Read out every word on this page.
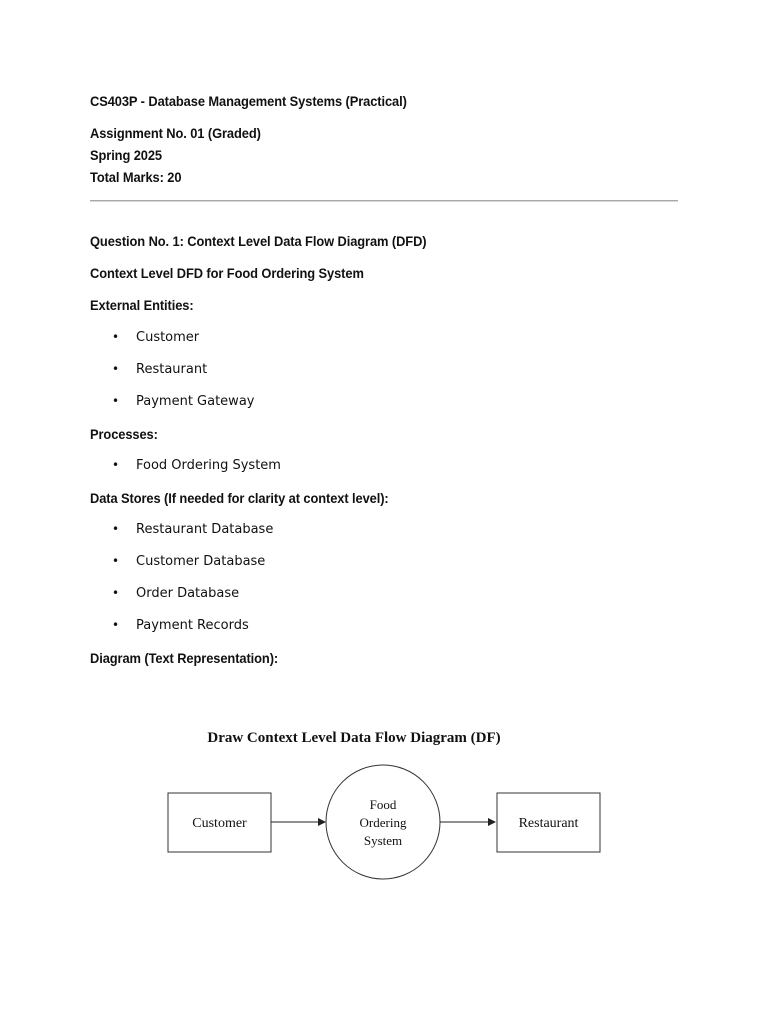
CS403P - Database Management Systems (Practical)

Assignment No. 01 (Graded)

Spring 2025

Total Marks: 20

Question No. 1: Context Level Data Flow Diagram (DFD)

Context Level DFD for Food Ordering System

External Entities:

• Customer
• Restaurant
• Payment Gateway

Processes:

• Food Ordering System

Data Stores (If needed for clarity at context level):

• Restaurant Database
• Customer Database
• Order Database
• Payment Records

Diagram (Text Representation):

Draw Context Level Data Flow Diagram (DF)
Customer
Food
Ordering
System
Restaurant
